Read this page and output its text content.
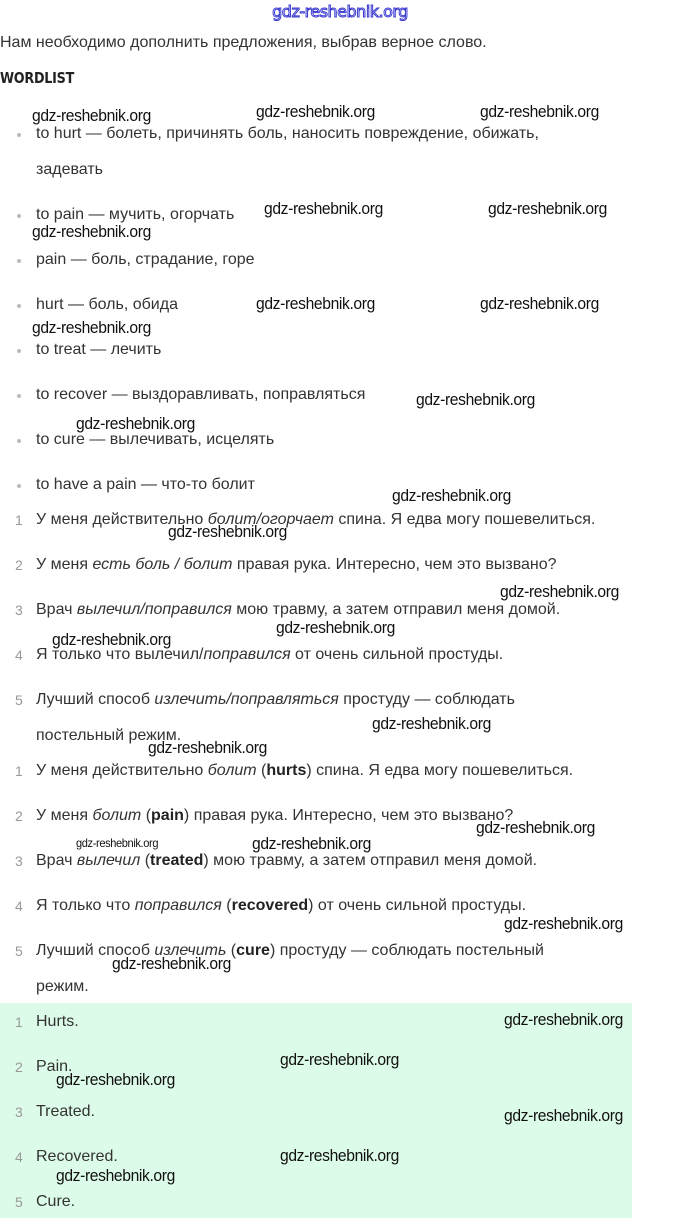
gdz-reshebnik.org
Нам необходимо дополнить предложения, выбрав верное слово.
WORDLIST
to hurt — болеть, причинять боль, наносить повреждение, обижать,
задевать
to pain — мучить, огорчать
pain — боль, страдание, горе
hurt — боль, обида
to treat — лечить
to recover — выздоравливать, поправляться
to cure — вылечивать, исцелять
to have a pain — что-то болит
1 У меня действительно болит/огорчает спина. Я едва могу пошевелиться.
2 У меня есть боль / болит правая рука. Интересно, чем это вызвано?
3 Врач вылечил/поправился мою травму, а затем отправил меня домой.
4 Я только что вылечил/поправился от очень сильной простуды.
5 Лучший способ излечить/поправляться простуду — соблюдать
постельный режим.
1 У меня действительно болит (hurts) спина. Я едва могу пошевелиться.
2 У меня болит (pain) правая рука. Интересно, чем это вызвано?
3 Врач вылечил (treated) мою травму, а затем отправил меня домой.
4 Я только что поправился (recovered) от очень сильной простуды.
5 Лучший способ излечить (cure) простуду — соблюдать постельный
режим.
1 Hurts.
2 Pain.
3 Treated.
4 Recovered.
5 Cure.
gdz-reshebnik.org	gdz-reshebnik.org	gdz-reshebnik.org
gdz-reshebnik.org	gdz-reshebnik.org
gdz-reshebnik.org
gdz-reshebnik.org	gdz-reshebnik.org
gdz-reshebnik.org
gdz-reshebnik.org
gdz-reshebnik.org
gdz-reshebnik.org
gdz-reshebnik.org
gdz-reshebnik.org
gdz-reshebnik.org
gdz-reshebnik.org
gdz-reshebnik.org
gdz-reshebnik.org
gdz-reshebnik.org
gdz-reshebnik.org	gdz-reshebnik.org
gdz-reshebnik.org
gdz-reshebnik.org
gdz-reshebnik.org
gdz-reshebnik.org
gdz-reshebnik.org
gdz-reshebnik.org
gdz-reshebnik.org
gdz-reshebnik.org
